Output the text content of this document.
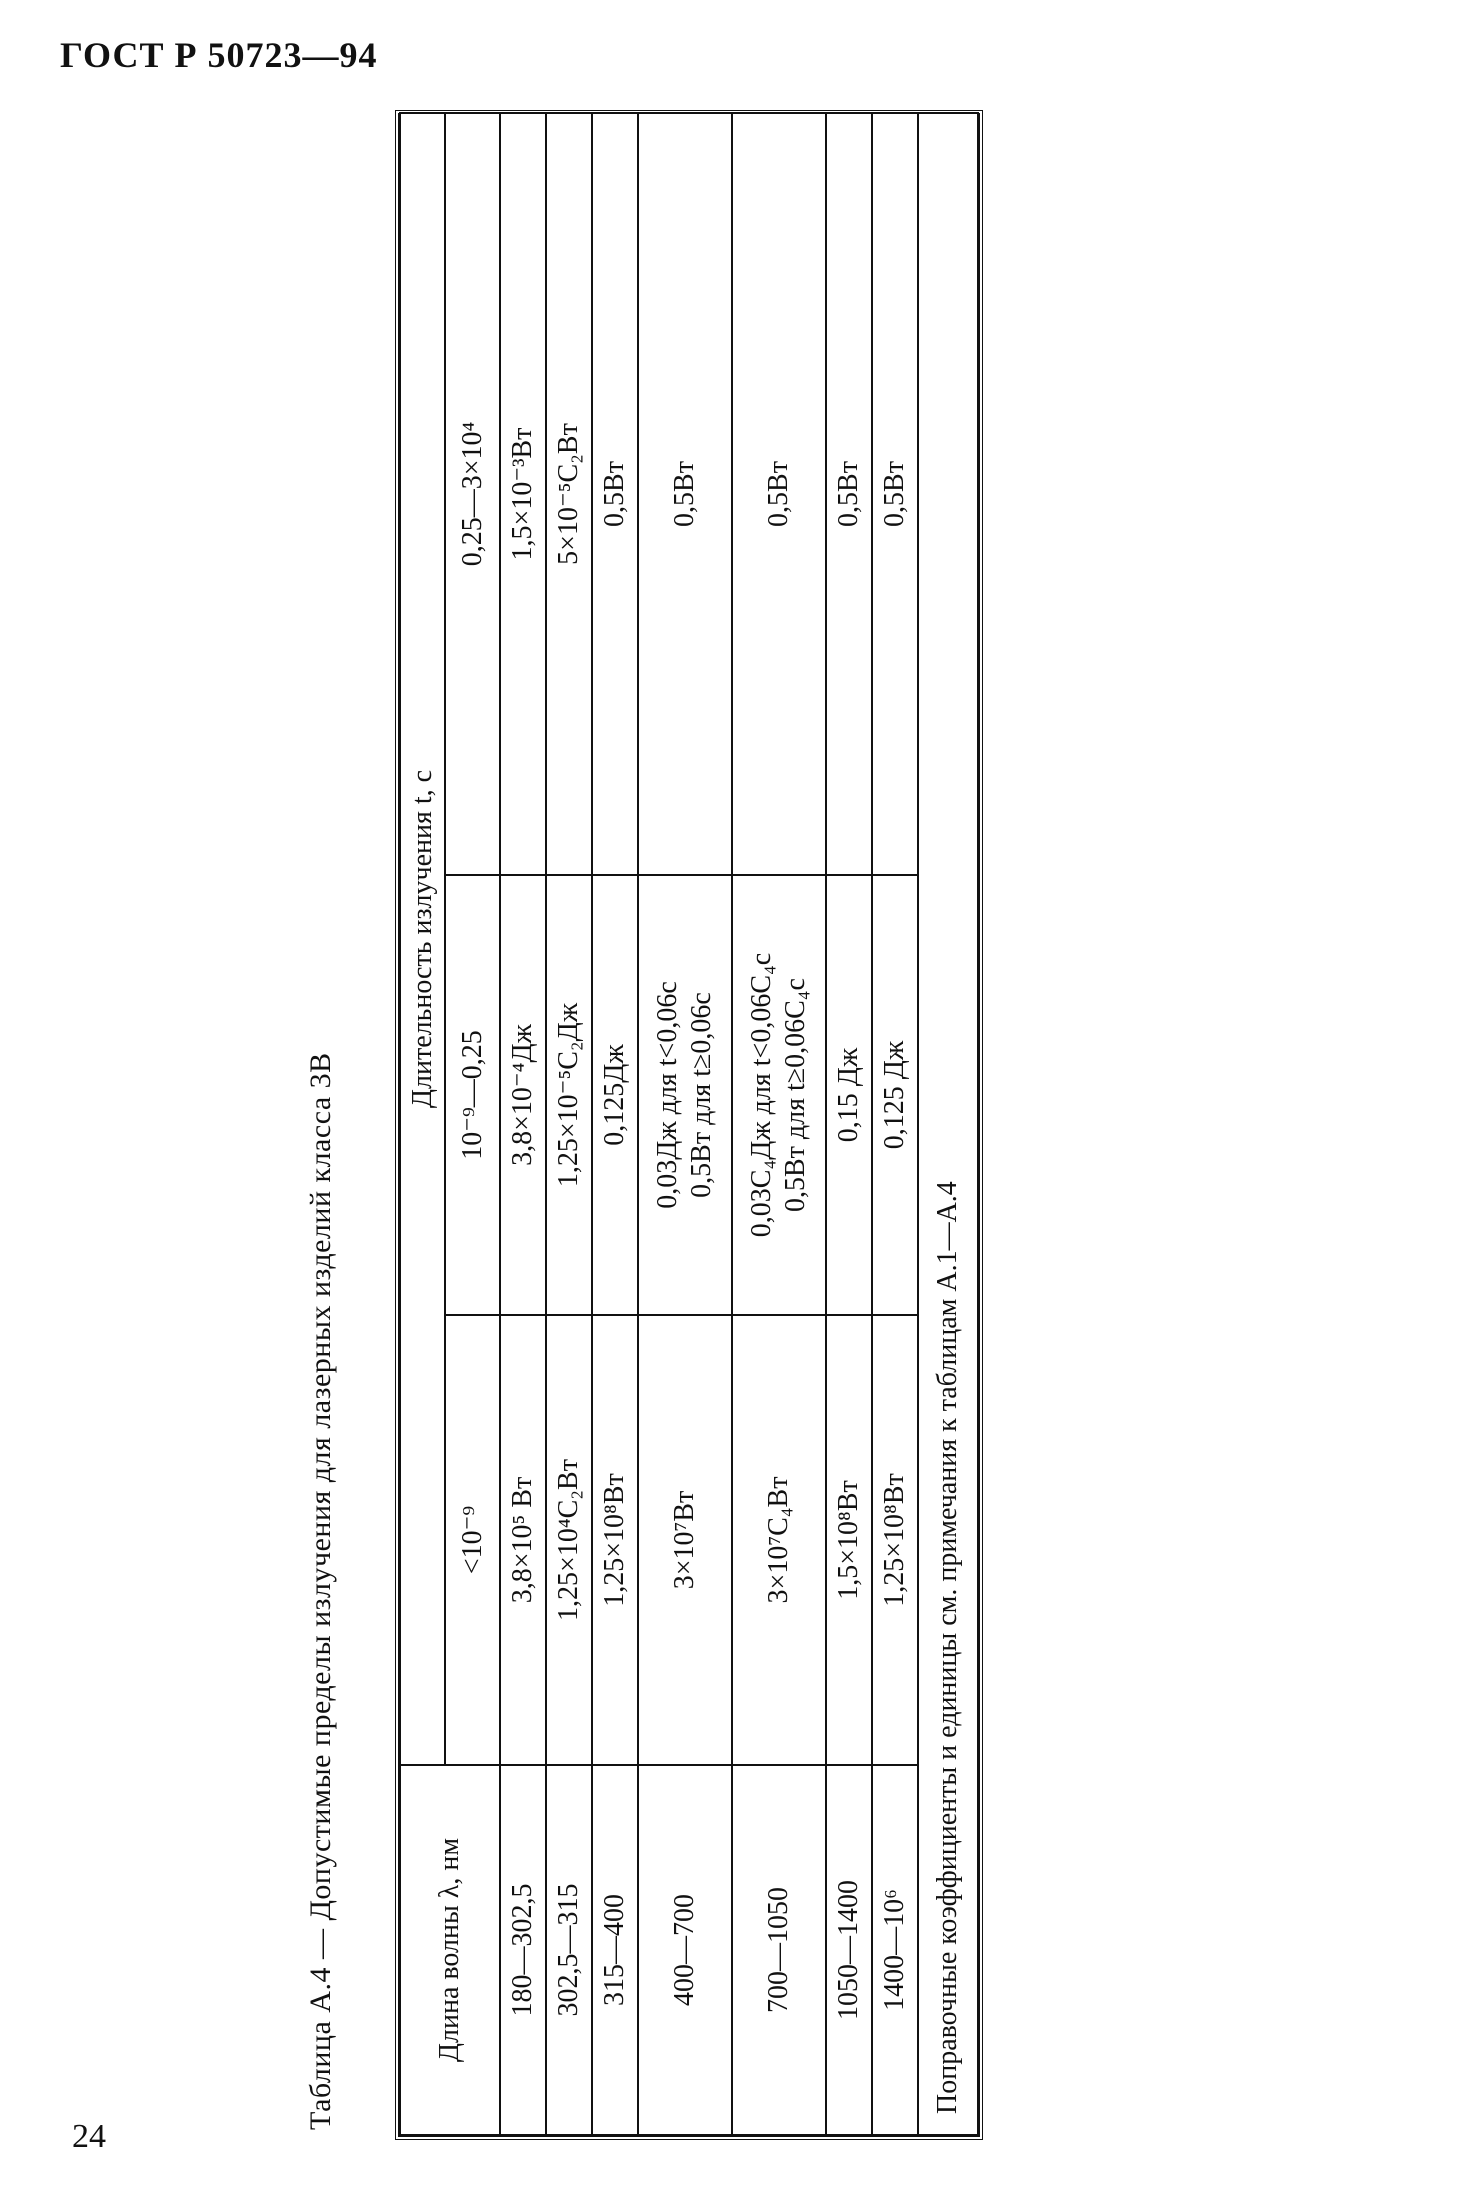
ГОСТ Р 50723—94
Таблица А.4 — Допустимые пределы излучения для лазерных изделий класса 3В	Длина волны λ, нм	Длительность излучения t, с		
	<10⁻⁹	10⁻⁹—0,25	0,25—3×10⁴
180—302,5	3,8×10⁵ Вт	3,8×10⁻⁴Дж	1,5×10⁻³Вт
302,5—315	1,25×10⁴С₂Вт	1,25×10⁻⁵С₂Дж	5×10⁻⁵С₂Вт
315—400	1,25×10⁸Вт	0,125Дж	0,5Вт
400—700	3×10⁷Вт	0,03Дж для t<0,06с 0,5Вт для t≥0,06с	0,5Вт
700—1050	3×10⁷С₄Вт	0,03С₄Дж для t<0,06С₄с 0,5Вт для t≥0,06С₄с	0,5Вт
1050—1400	1,5×10⁸Вт	0,15 Дж	0,5Вт
1400—10⁶	1,25×10⁸Вт	0,125 Дж	0,5Вт
Поправочные коэффициенты и единицы см. примечания к таблицам А.1—А.4			
24
